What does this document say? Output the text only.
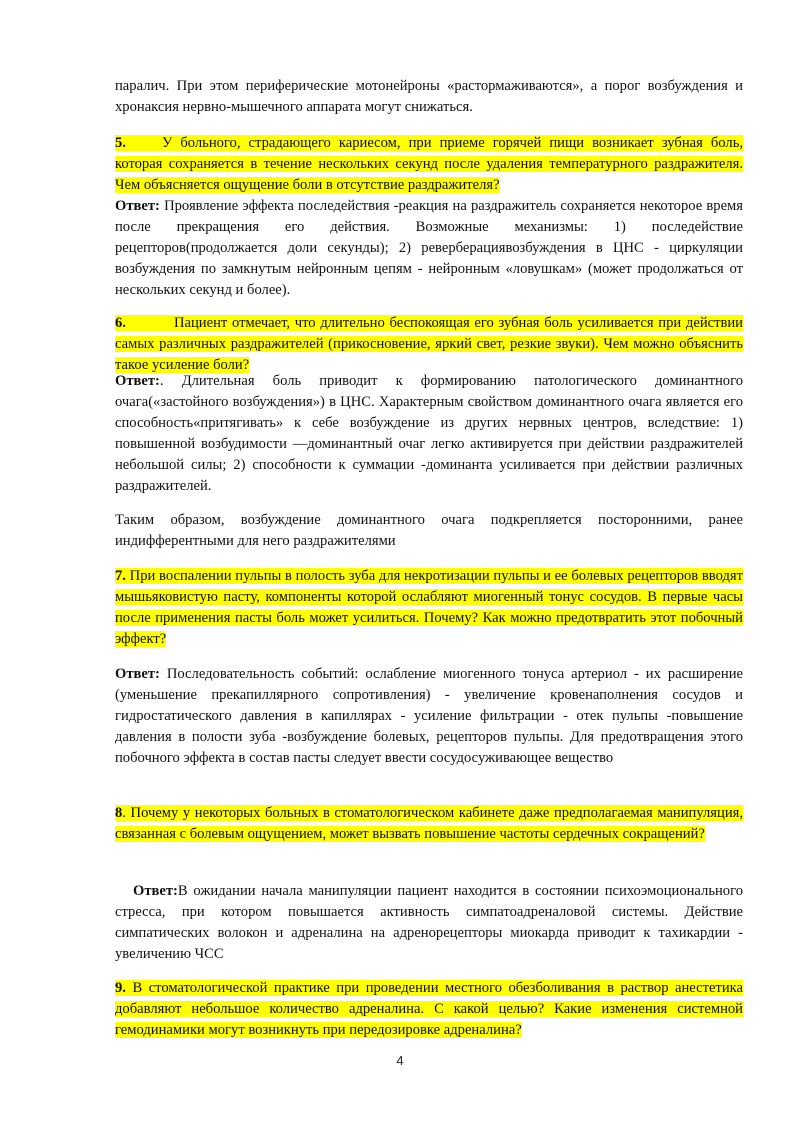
паралич. При этом периферические мотонейроны «растормаживаются», а порог возбуждения и хронаксия нервно-мышечного аппарата могут снижаться.

5. У больного, страдающего кариесом, при приеме горячей пищи возникает зубная боль, которая сохраняется в течение нескольких секунд после удаления температурного раздражителя. Чем объясняется ощущение боли в отсутствие раздражителя?

Ответ: Проявление эффекта последействия -реакция на раздражитель сохраняется некоторое время после прекращения его действия. Возможные механизмы: 1) последействие рецепторов(продолжается доли секунды); 2) реверберациявозбуждения в ЦНС - циркуляции возбуждения по замкнутым нейронным цепям - нейронным «ловушкам» (может продолжаться от нескольких секунд и более).

6.	Пациент отмечает, что длительно беспокоящая его зубная боль усиливается при действии самых различных раздражителей (прикосновение, яркий свет, резкие звуки). Чем можно объяснить такое усиление боли?

Ответ:. Длительная боль приводит к формированию патологического доминантного очага(«застойного возбуждения») в ЦНС. Характерным свойством доминантного очага является его способность«притягивать» к себе возбуждение из других нервных центров, вследствие: 1) повышенной возбудимости —доминантный очаг легко активируется при действии раздражителей небольшой силы; 2) способности к суммации -доминанта усиливается при действии различных раздражителей.

Таким образом, возбуждение доминантного очага подкрепляется посторонними, ранее индифферентными для него раздражителями

7. При воспалении пульпы в полость зуба для некротизации пульпы и ее болевых рецепторов вводят мышьяковистую пасту, компоненты которой ослабляют миогенный тонус сосудов. В первые часы после применения пасты боль может усилиться. Почему? Как можно предотвратить этот побочный эффект?

Ответ: Последовательность событий: ослабление миогенного тонуса артериол - их расширение (уменьшение прекапиллярного сопротивления) - увеличение кровенаполнения сосудов и гидростатического давления в капиллярах - усиление фильтрации - отек пульпы -повышение давления в полости зуба -возбуждение болевых, рецепторов пульпы. Для предотвращения этого побочного эффекта в состав пасты следует ввести сосудосуживающее вещество

8. Почему у некоторых больных в стоматологическом кабинете даже предполагаемая манипуляция, связанная с болевым ощущением, может вызвать повышение частоты сердечных сокращений?

Ответ:В ожидании начала манипуляции пациент находится в состоянии психоэмоционального стресса, при котором повышается активность симпатоадреналовой системы. Действие симпатических волокон и адреналина на адренорецепторы миокарда приводит к тахикардии - увеличению ЧСС

9. В стоматологической практике при проведении местного обезболивания в раствор анестетика добавляют небольшое количество адреналина. С какой целью? Какие изменения системной гемодинамики могут возникнуть при передозировке адреналина?

4
